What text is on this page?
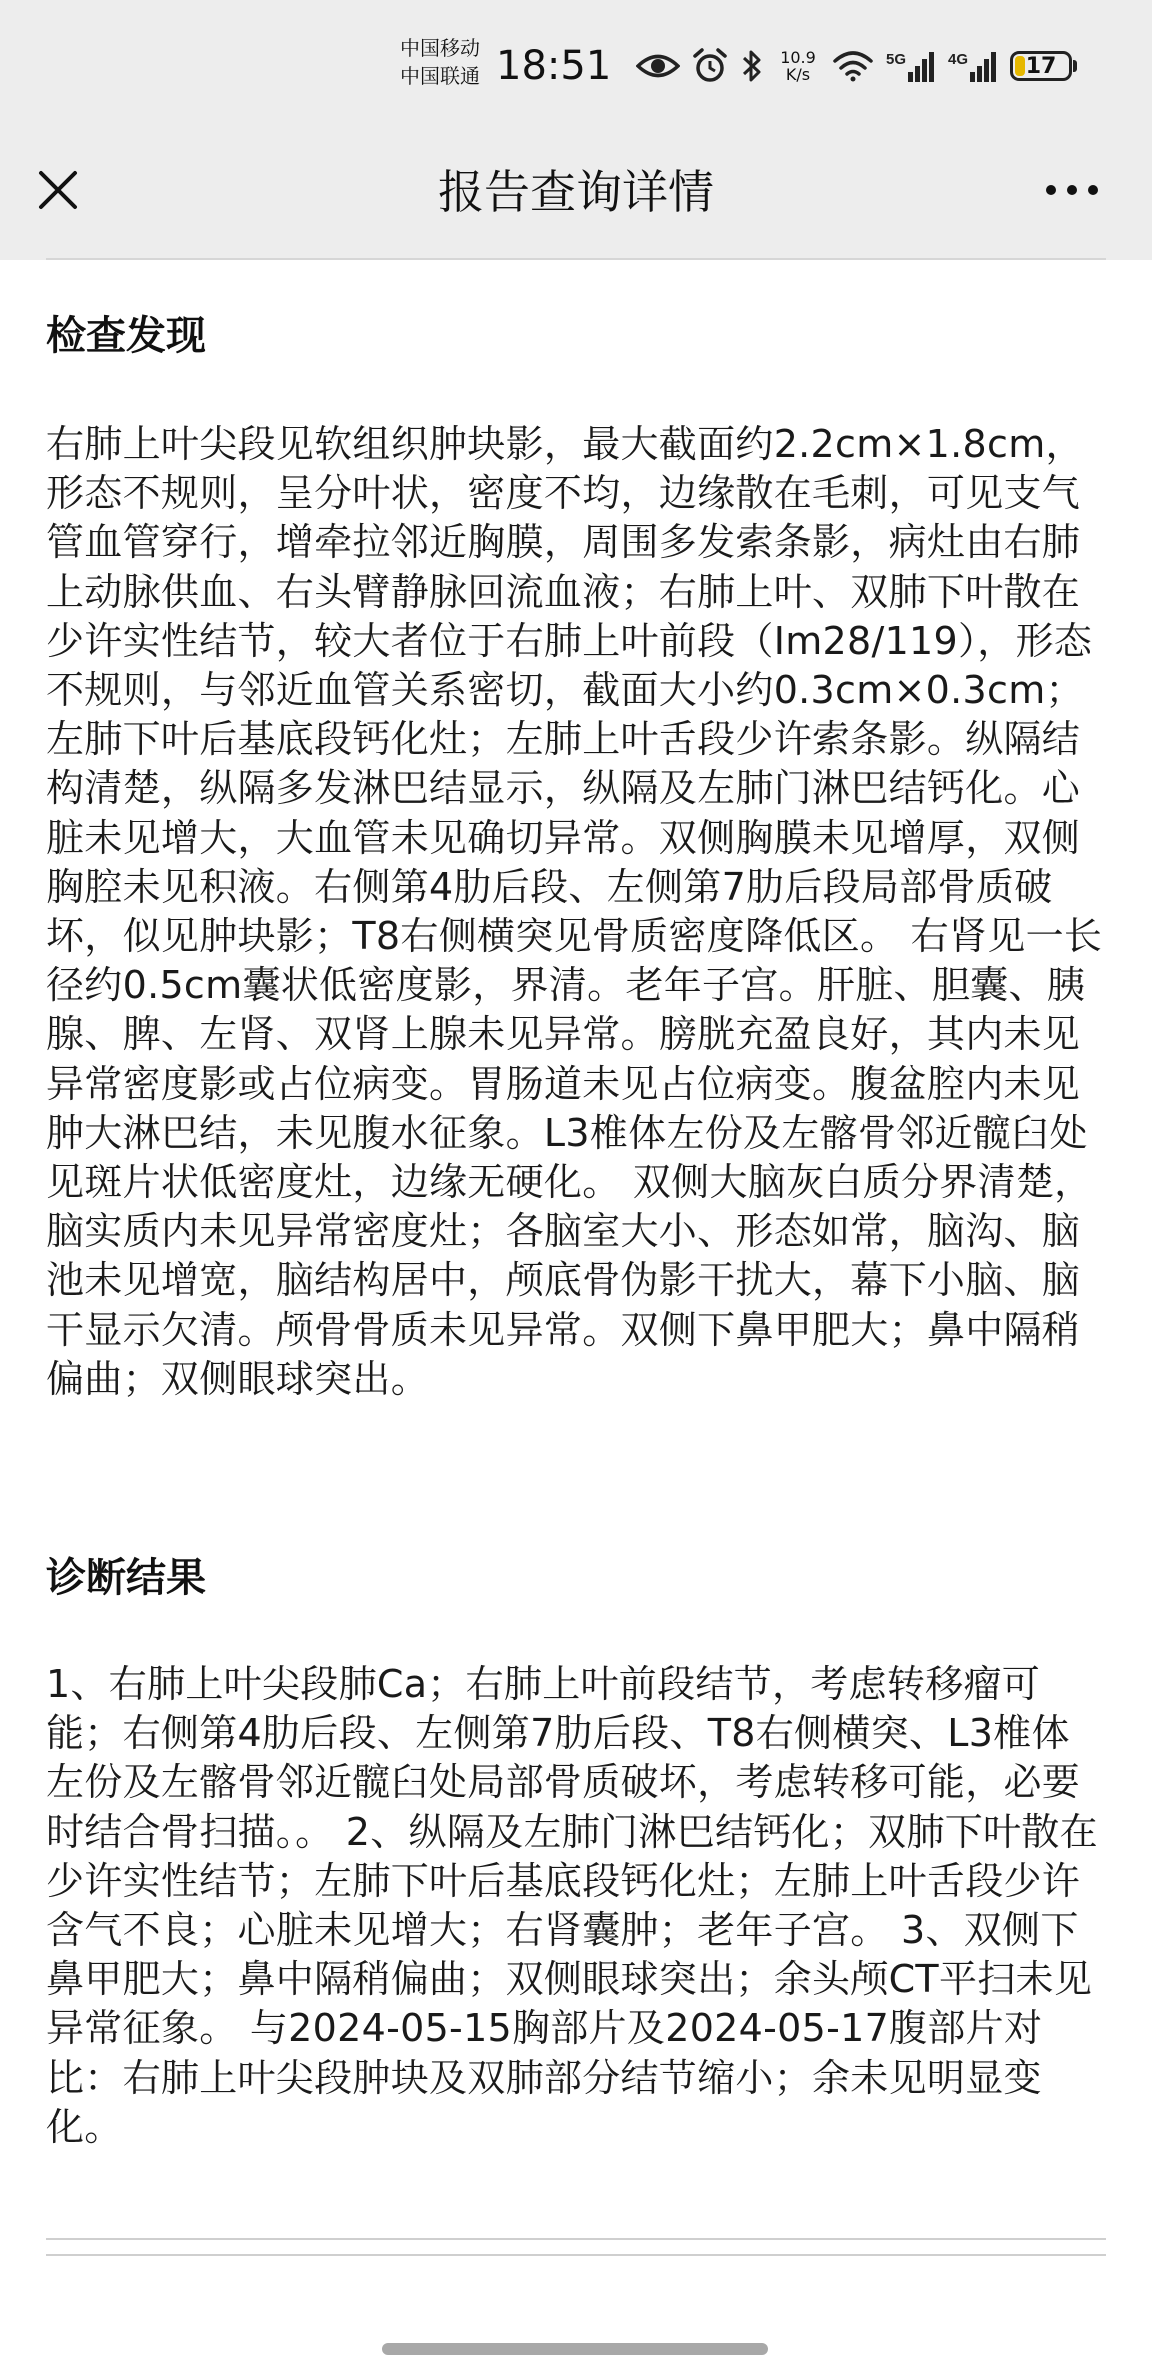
中国移动
中国联通 18:51	10.9
K/s
5G	4G	17
报告查询详情
检查发现

右肺上叶尖段见软组织肿块影，最大截面约2.2cm×1.8cm，形态不规则，呈分叶状，密度不均，边缘散在毛刺，可见支气管血管穿行，增牵拉邻近胸膜，周围多发索条影，病灶由右肺上动脉供血、右头臂静脉回流血液；右肺上叶、双肺下叶散在少许实性结节，较大者位于右肺上叶前段（Im28/119），形态不规则，与邻近血管关系密切，截面大小约0.3cm×0.3cm；左肺下叶后基底段钙化灶；左肺上叶舌段少许索条影。纵隔结构清楚，纵隔多发淋巴结显示，纵隔及左肺门淋巴结钙化。心脏未见增大，大血管未见确切异常。双侧胸膜未见增厚，双侧胸腔未见积液。右侧第4肋后段、左侧第7肋后段局部骨质破坏，似见肿块影；T8右侧横突见骨质密度降低区。 右肾见一长径约0.5cm囊状低密度影，界清。老年子宫。肝脏、胆囊、胰腺、脾、左肾、双肾上腺未见异常。膀胱充盈良好，其内未见异常密度影或占位病变。胃肠道未见占位病变。腹盆腔内未见肿大淋巴结，未见腹水征象。L3椎体左份及左髂骨邻近髋臼处见斑片状低密度灶，边缘无硬化。 双侧大脑灰白质分界清楚，脑实质内未见异常密度灶；各脑室大小、形态如常，脑沟、脑池未见增宽，脑结构居中，颅底骨伪影干扰大，幕下小脑、脑干显示欠清。颅骨骨质未见异常。双侧下鼻甲肥大；鼻中隔稍偏曲；双侧眼球突出。

诊断结果

1、右肺上叶尖段肺Ca；右肺上叶前段结节，考虑转移瘤可能；右侧第4肋后段、左侧第7肋后段、T8右侧横突、L3椎体左份及左髂骨邻近髋臼处局部骨质破坏，考虑转移可能，必要时结合骨扫描。。 2、纵隔及左肺门淋巴结钙化；双肺下叶散在少许实性结节；左肺下叶后基底段钙化灶；左肺上叶舌段少许含气不良；心脏未见增大；右肾囊肿；老年子宫。 3、双侧下鼻甲肥大；鼻中隔稍偏曲；双侧眼球突出；余头颅CT平扫未见异常征象。 与2024-05-15胸部片及2024-05-17腹部片对比：右肺上叶尖段肿块及双肺部分结节缩小；余未见明显变化。
